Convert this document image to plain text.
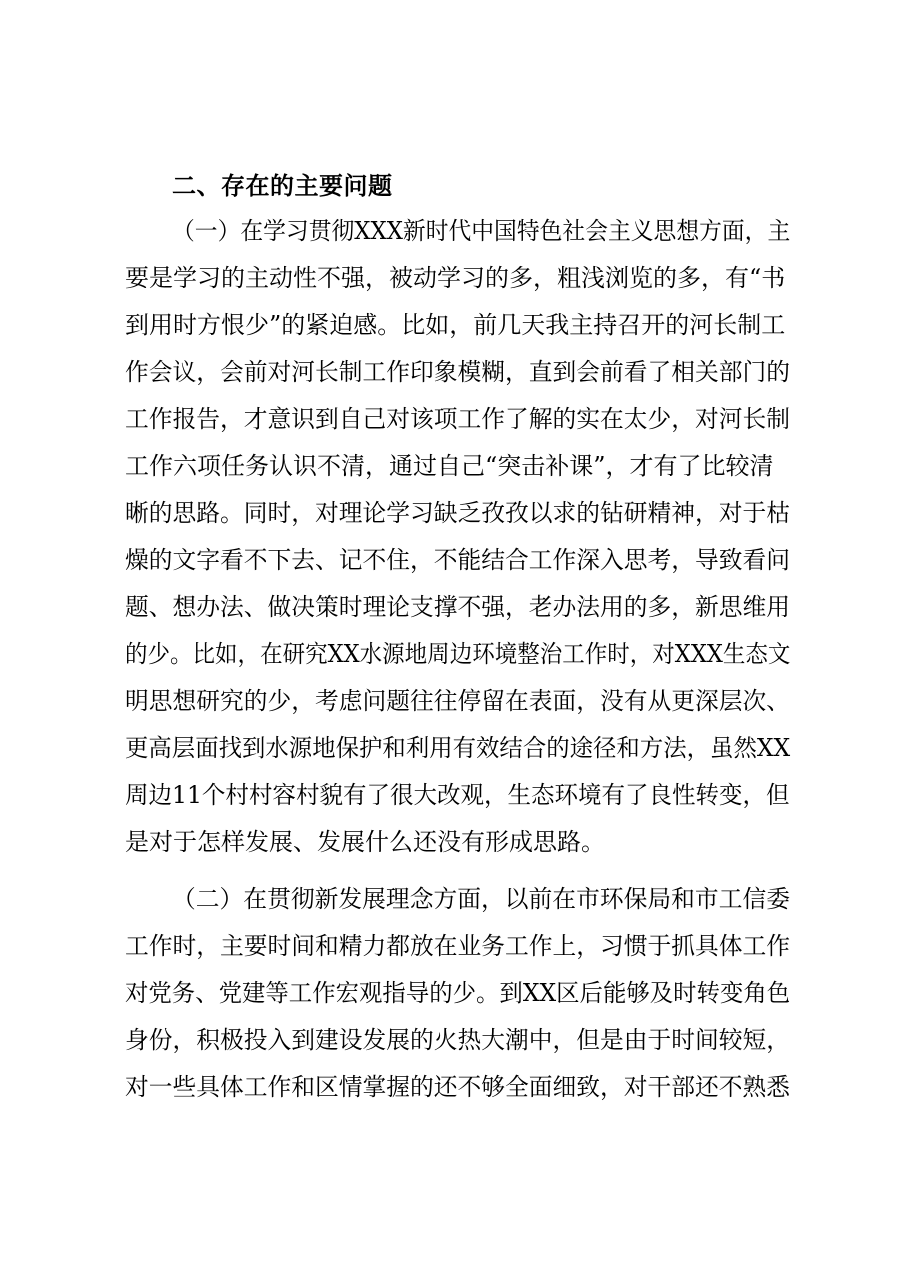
二、存在的主要问题
（一）在学习贯彻XXX新时代中国特色社会主义思想方面，主
要是学习的主动性不强，被动学习的多，粗浅浏览的多，有“书
到用时方恨少”的紧迫感。比如，前几天我主持召开的河长制工
作会议，会前对河长制工作印象模糊，直到会前看了相关部门的
工作报告，才意识到自己对该项工作了解的实在太少，对河长制
工作六项任务认识不清，通过自己“突击补课”，才有了比较清
晰的思路。同时，对理论学习缺乏孜孜以求的钻研精神，对于枯
燥的文字看不下去、记不住，不能结合工作深入思考，导致看问
题、想办法、做决策时理论支撑不强，老办法用的多，新思维用
的少。比如，在研究XX水源地周边环境整治工作时，对XXX生态文
明思想研究的少，考虑问题往往停留在表面，没有从更深层次、
更高层面找到水源地保护和利用有效结合的途径和方法，虽然XX
周边11个村村容村貌有了很大改观，生态环境有了良性转变，但
是对于怎样发展、发展什么还没有形成思路。
（二）在贯彻新发展理念方面，以前在市环保局和市工信委
工作时，主要时间和精力都放在业务工作上，习惯于抓具体工作
对党务、党建等工作宏观指导的少。到XX区后能够及时转变角色
身份，积极投入到建设发展的火热大潮中，但是由于时间较短，
对一些具体工作和区情掌握的还不够全面细致，对干部还不熟悉
